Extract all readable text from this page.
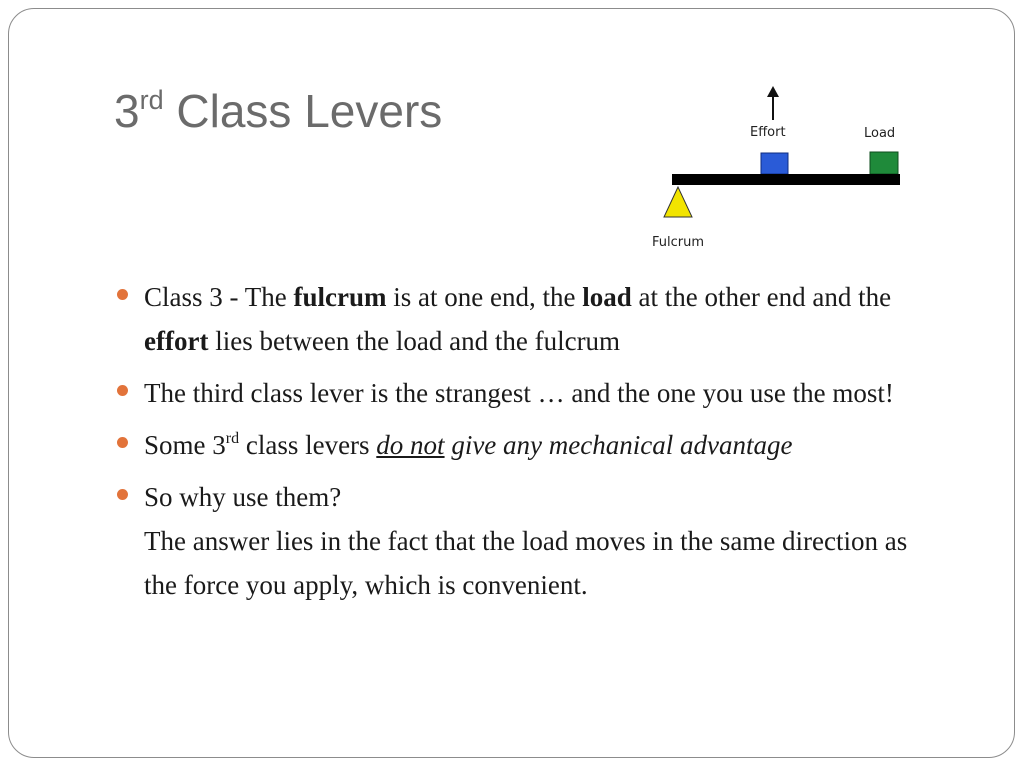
3rd Class Levers	Effort	Load
Fulcrum
Class 3 - The fulcrum is at one end, the load at the other end and the effort lies between the load and the fulcrum
The third class lever is the strangest … and the one you use the most!
Some 3rd class levers do not give any mechanical advantage
So why use them?
The answer lies in the fact that the load moves in the same direction as the force you apply, which is convenient.
